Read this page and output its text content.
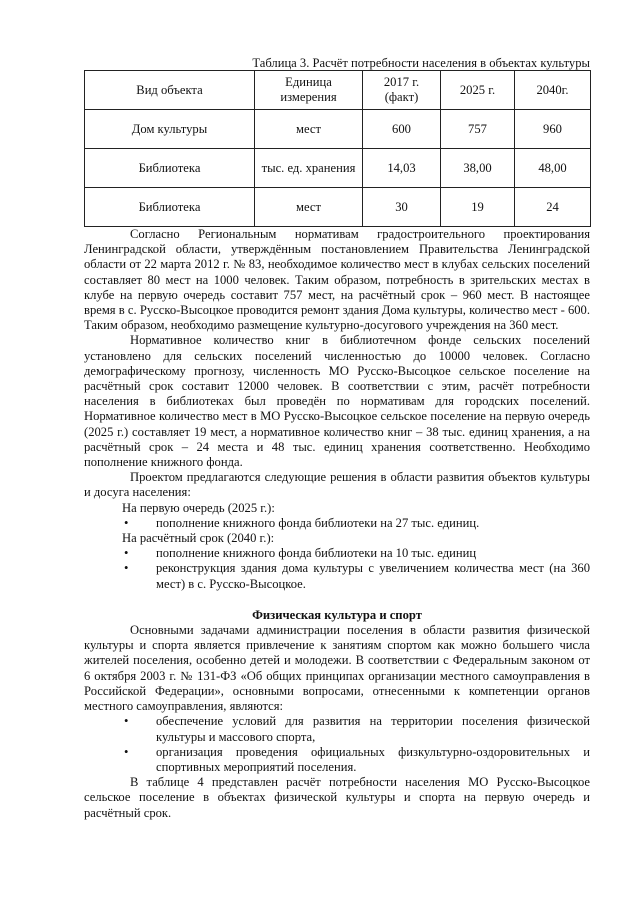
Таблица 3. Расчёт потребности населения в объектах культуры
Вид объекта	Единица измерения	2017 г. (факт)	2025 г.	2040г.
Дом культуры	мест	600	757	960
Библиотека	тыс. ед. хранения	14,03	38,00	48,00
Библиотека	мест	30	19	24

Согласно Региональным нормативам градостроительного проектирования Ленинградской области, утверждённым постановлением Правительства Ленинградской области от 22 марта 2012 г. № 83, необходимое количество мест в клубах сельских поселений составляет 80 мест на 1000 человек. Таким образом, потребность в зрительских местах в клубе на первую очередь составит 757 мест, на расчётный срок – 960 мест. В настоящее время в с. Русско-Высоцкое проводится ремонт здания Дома культуры, количество мест - 600. Таким образом, необходимо размещение культурно-досугового учреждения на 360 мест.

Нормативное количество книг в библиотечном фонде сельских поселений установлено для сельских поселений численностью до 10000 человек. Согласно демографическому прогнозу, численность МО Русско-Высоцкое сельское поселение на расчётный срок составит 12000 человек. В соответствии с этим, расчёт потребности населения в библиотеках был проведён по нормативам для городских поселений. Нормативное количество мест в МО Русско-Высоцкое сельское поселение на первую очередь (2025 г.) составляет 19 мест, а нормативное количество книг – 38 тыс. единиц хранения, а на расчётный срок – 24 места и 48 тыс. единиц хранения соответственно. Необходимо пополнение книжного фонда.

Проектом предлагаются следующие решения в области развития объектов культуры и досуга населения:

На первую очередь (2025 г.):

• пополнение книжного фонда библиотеки на 27 тыс. единиц.

На расчётный срок (2040 г.):

• пополнение книжного фонда библиотеки на 10 тыс. единиц
• реконструкция здания дома культуры с увеличением количества мест (на 360 мест) в с. Русско-Высоцкое.
Физическая культура и спорт

Основными задачами администрации поселения в области развития физической культуры и спорта является привлечение к занятиям спортом как можно большего числа жителей поселения, особенно детей и молодежи. В соответствии с Федеральным законом от 6 октября 2003 г. № 131-ФЗ «Об общих принципах организации местного самоуправления в Российской Федерации», основными вопросами, отнесенными к компетенции органов местного самоуправления, являются:

• обеспечение условий для развития на территории поселения физической культуры и массового спорта,
• организация проведения официальных физкультурно-оздоровительных и спортивных мероприятий поселения.

В таблице 4 представлен расчёт потребности населения МО Русско-Высоцкое сельское поселение в объектах физической культуры и спорта на первую очередь и расчётный срок.
